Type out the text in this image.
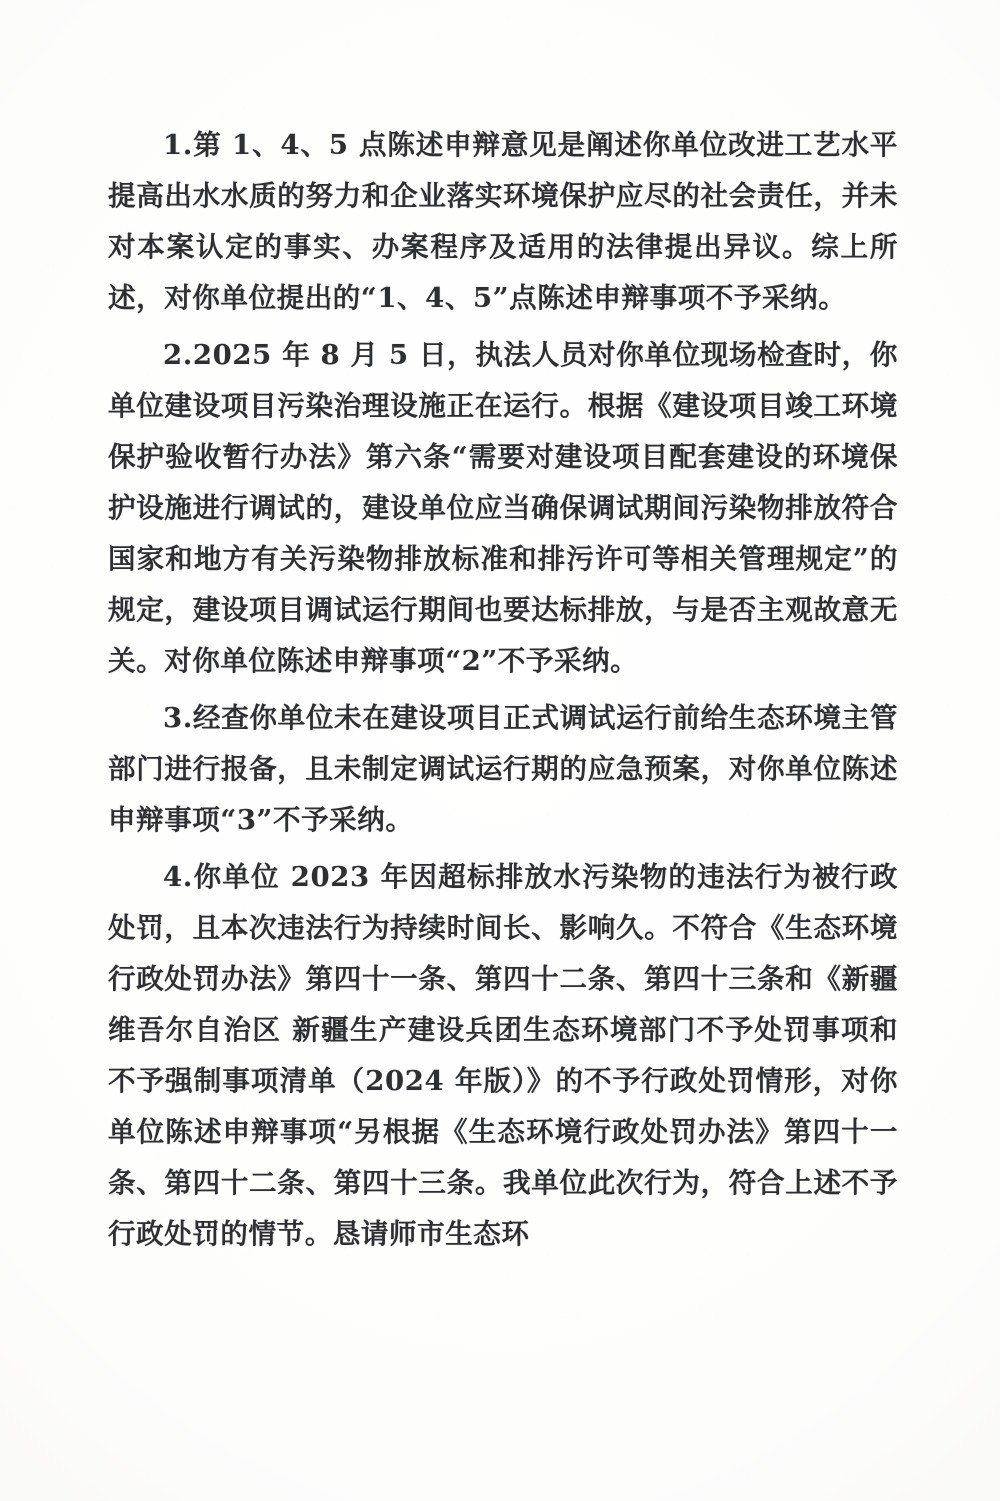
1.第 1、4、5 点陈述申辩意见是阐述你单位改进工艺水平提高出水水质的努力和企业落实环境保护应尽的社会责任，并未对本案认定的事实、办案程序及适用的法律提出异议。综上所述，对你单位提出的“1、4、5”点陈述申辩事项不予采纳。

2.2025 年 8 月 5 日，执法人员对你单位现场检查时，你单位建设项目污染治理设施正在运行。根据《建设项目竣工环境保护验收暂行办法》第六条“需要对建设项目配套建设的环境保护设施进行调试的，建设单位应当确保调试期间污染物排放符合国家和地方有关污染物排放标准和排污许可等相关管理规定”的规定，建设项目调试运行期间也要达标排放，与是否主观故意无关。对你单位陈述申辩事项“2”不予采纳。

3.经查你单位未在建设项目正式调试运行前给生态环境主管部门进行报备，且未制定调试运行期的应急预案，对你单位陈述申辩事项“3”不予采纳。

4.你单位 2023 年因超标排放水污染物的违法行为被行政处罚，且本次违法行为持续时间长、影响久。不符合《生态环境行政处罚办法》第四十一条、第四十二条、第四十三条和《新疆维吾尔自治区 新疆生产建设兵团生态环境部门不予处罚事项和不予强制事项清单（2024 年版）》的不予行政处罚情形，对你单位陈述申辩事项“另根据《生态环境行政处罚办法》第四十一条、第四十二条、第四十三条。我单位此次行为，符合上述不予行政处罚的情节。恳请师市生态环
